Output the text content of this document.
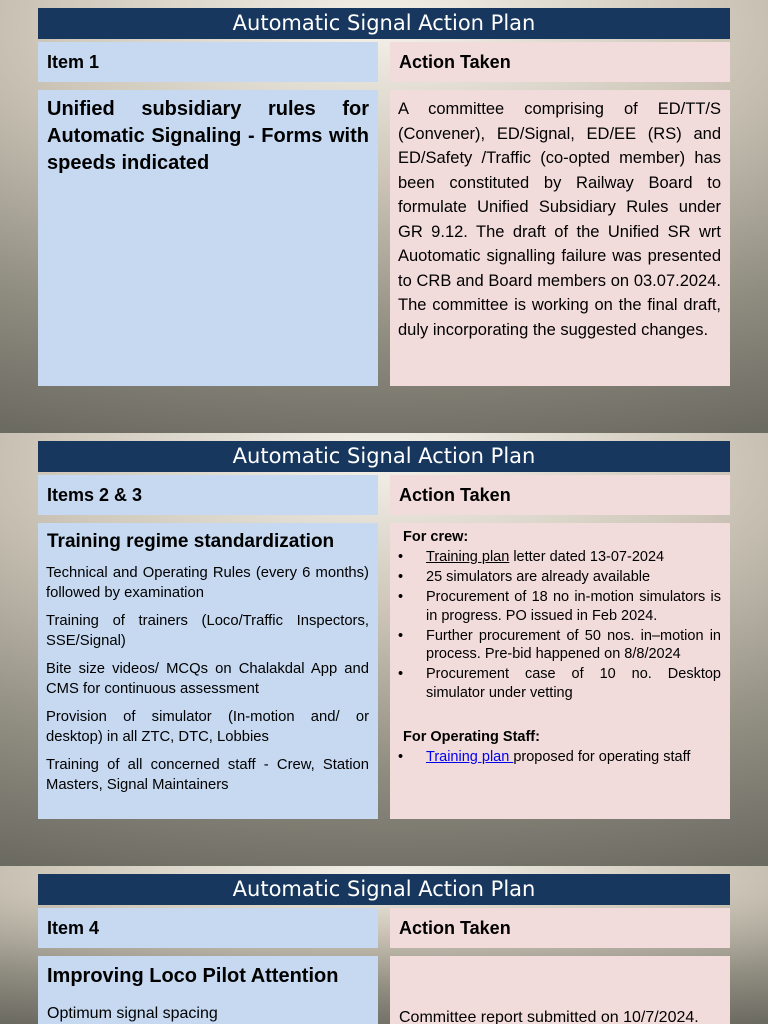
Automatic Signal Action Plan
Item 1	Action Taken
Unified subsidiary rules for Automatic Signaling - Forms with speeds indicated
A committee comprising of ED/TT/S (Convener), ED/Signal, ED/EE (RS) and ED/Safety /Traffic (co-opted member) has been constituted by Railway Board to formulate Unified Subsidiary Rules under GR 9.12. The draft of the Unified SR wrt Auotomatic signalling failure was presented to CRB and Board members on 03.07.2024. The committee is working on the final draft, duly incorporating the suggested changes.
Automatic Signal Action Plan
Items 2 & 3	Action Taken
Training regime standardization

Technical and Operating Rules (every 6 months) followed by examination

Training of trainers (Loco/Traffic Inspectors, SSE/Signal)

Bite size videos/ MCQs on Chalakdal App and CMS for continuous assessment

Provision of simulator (In-motion and/ or desktop) in all ZTC, DTC, Lobbies

Training of all concerned staff - Crew, Station Masters, Signal Maintainers

For crew:
• Training plan letter dated 13-07-2024
• 25 simulators are already available
• Procurement of 18 no in-motion simulators is in progress. PO issued in Feb 2024.
• Further procurement of 50 nos. in–motion in process. Pre-bid happened on 8/8/2024
• Procurement case of 10 no. Desktop simulator under vetting
For Operating Staff:
• Training plan proposed for operating staff
Automatic Signal Action Plan
Item 4	Action Taken
Improving Loco Pilot Attention
Optimum signal spacing	Committee report submitted on 10/7/2024.
